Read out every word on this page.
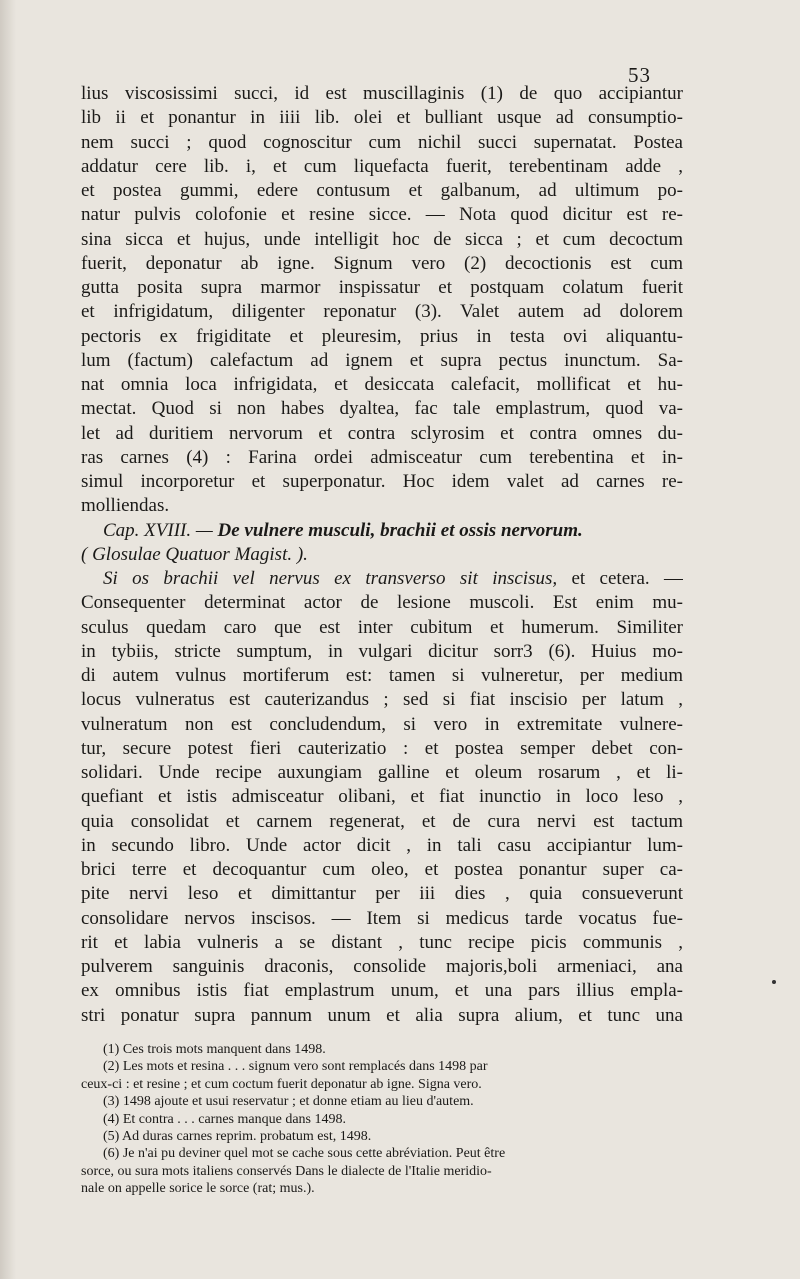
53
lius viscosissimi succi, id est muscillaginis (1) de quo accipiantur
lib ii et ponantur in iiii lib. olei et bulliant usque ad consumptio-
nem succi ; quod cognoscitur cum nichil succi supernatat. Postea
addatur cere lib. i, et cum liquefacta fuerit, terebentinam adde ,
et postea gummi, edere contusum et galbanum, ad ultimum po-
natur pulvis colofonie et resine sicce. — Nota quod dicitur est re-
sina sicca et hujus, unde intelligit hoc de sicca ; et cum decoctum
fuerit, deponatur ab igne. Signum vero (2) decoctionis est cum
gutta posita supra marmor inspissatur et postquam colatum fuerit
et infrigidatum, diligenter reponatur (3). Valet autem ad dolorem
pectoris ex frigiditate et pleuresim, prius in testa ovi aliquantu-
lum (factum) calefactum ad ignem et supra pectus inunctum. Sa-
nat omnia loca infrigidata, et desiccata calefacit, mollificat et hu-
mectat. Quod si non habes dyaltea, fac tale emplastrum, quod va-
let ad duritiem nervorum et contra sclyrosim et contra omnes du-
ras carnes (4) : Farina ordei admisceatur cum terebentina et in-
simul incorporetur et superponatur. Hoc idem valet ad carnes re-
molliendas.
Cap. XVIII. — De vulnere musculi, brachii et ossis nervorum.
( Glosulae Quatuor Magist. ).
Si os brachii vel nervus ex transverso sit inscisus, et cetera. —
Consequenter determinat actor de lesione muscoli. Est enim mu-
sculus quedam caro que est inter cubitum et humerum. Similiter
in tybiis, stricte sumptum, in vulgari dicitur sorr3 (6). Huius mo-
di autem vulnus mortiferum est: tamen si vulneretur, per medium
locus vulneratus est cauterizandus ; sed si fiat inscisio per latum ,
vulneratum non est concludendum, si vero in extremitate vulnere-
tur, secure potest fieri cauterizatio : et postea semper debet con-
solidari. Unde recipe auxungiam galline et oleum rosarum , et li-
quefiant et istis admisceatur olibani, et fiat inunctio in loco leso ,
quia consolidat et carnem regenerat, et de cura nervi est tactum
in secundo libro. Unde actor dicit , in tali casu accipiantur lum-
brici terre et decoquantur cum oleo, et postea ponantur super ca-
pite nervi leso et dimittantur per iii dies , quia consueverunt
consolidare nervos inscisos. — Item si medicus tarde vocatus fue-
rit et labia vulneris a se distant , tunc recipe picis communis ,
pulverem sanguinis draconis, consolide majoris,boli armeniaci, ana
ex omnibus istis fiat emplastrum unum, et una pars illius empla-
stri ponatur supra pannum unum et alia supra alium, et tunc una
(1) Ces trois mots manquent dans 1498.
(2) Les mots et resina . . . signum vero sont remplacés dans 1498 par
ceux-ci : et resine ; et cum coctum fuerit deponatur ab igne. Signa vero.
(3) 1498 ajoute et usui reservatur ; et donne etiam au lieu d'autem.
(4) Et contra . . . carnes manque dans 1498.
(5) Ad duras carnes reprim. probatum est, 1498.
(6) Je n'ai pu deviner quel mot se cache sous cette abréviation. Peut être
sorce, ou sura mots italiens conservés Dans le dialecte de l'Italie meridio-
nale on appelle sorice le sorce (rat; mus.).
